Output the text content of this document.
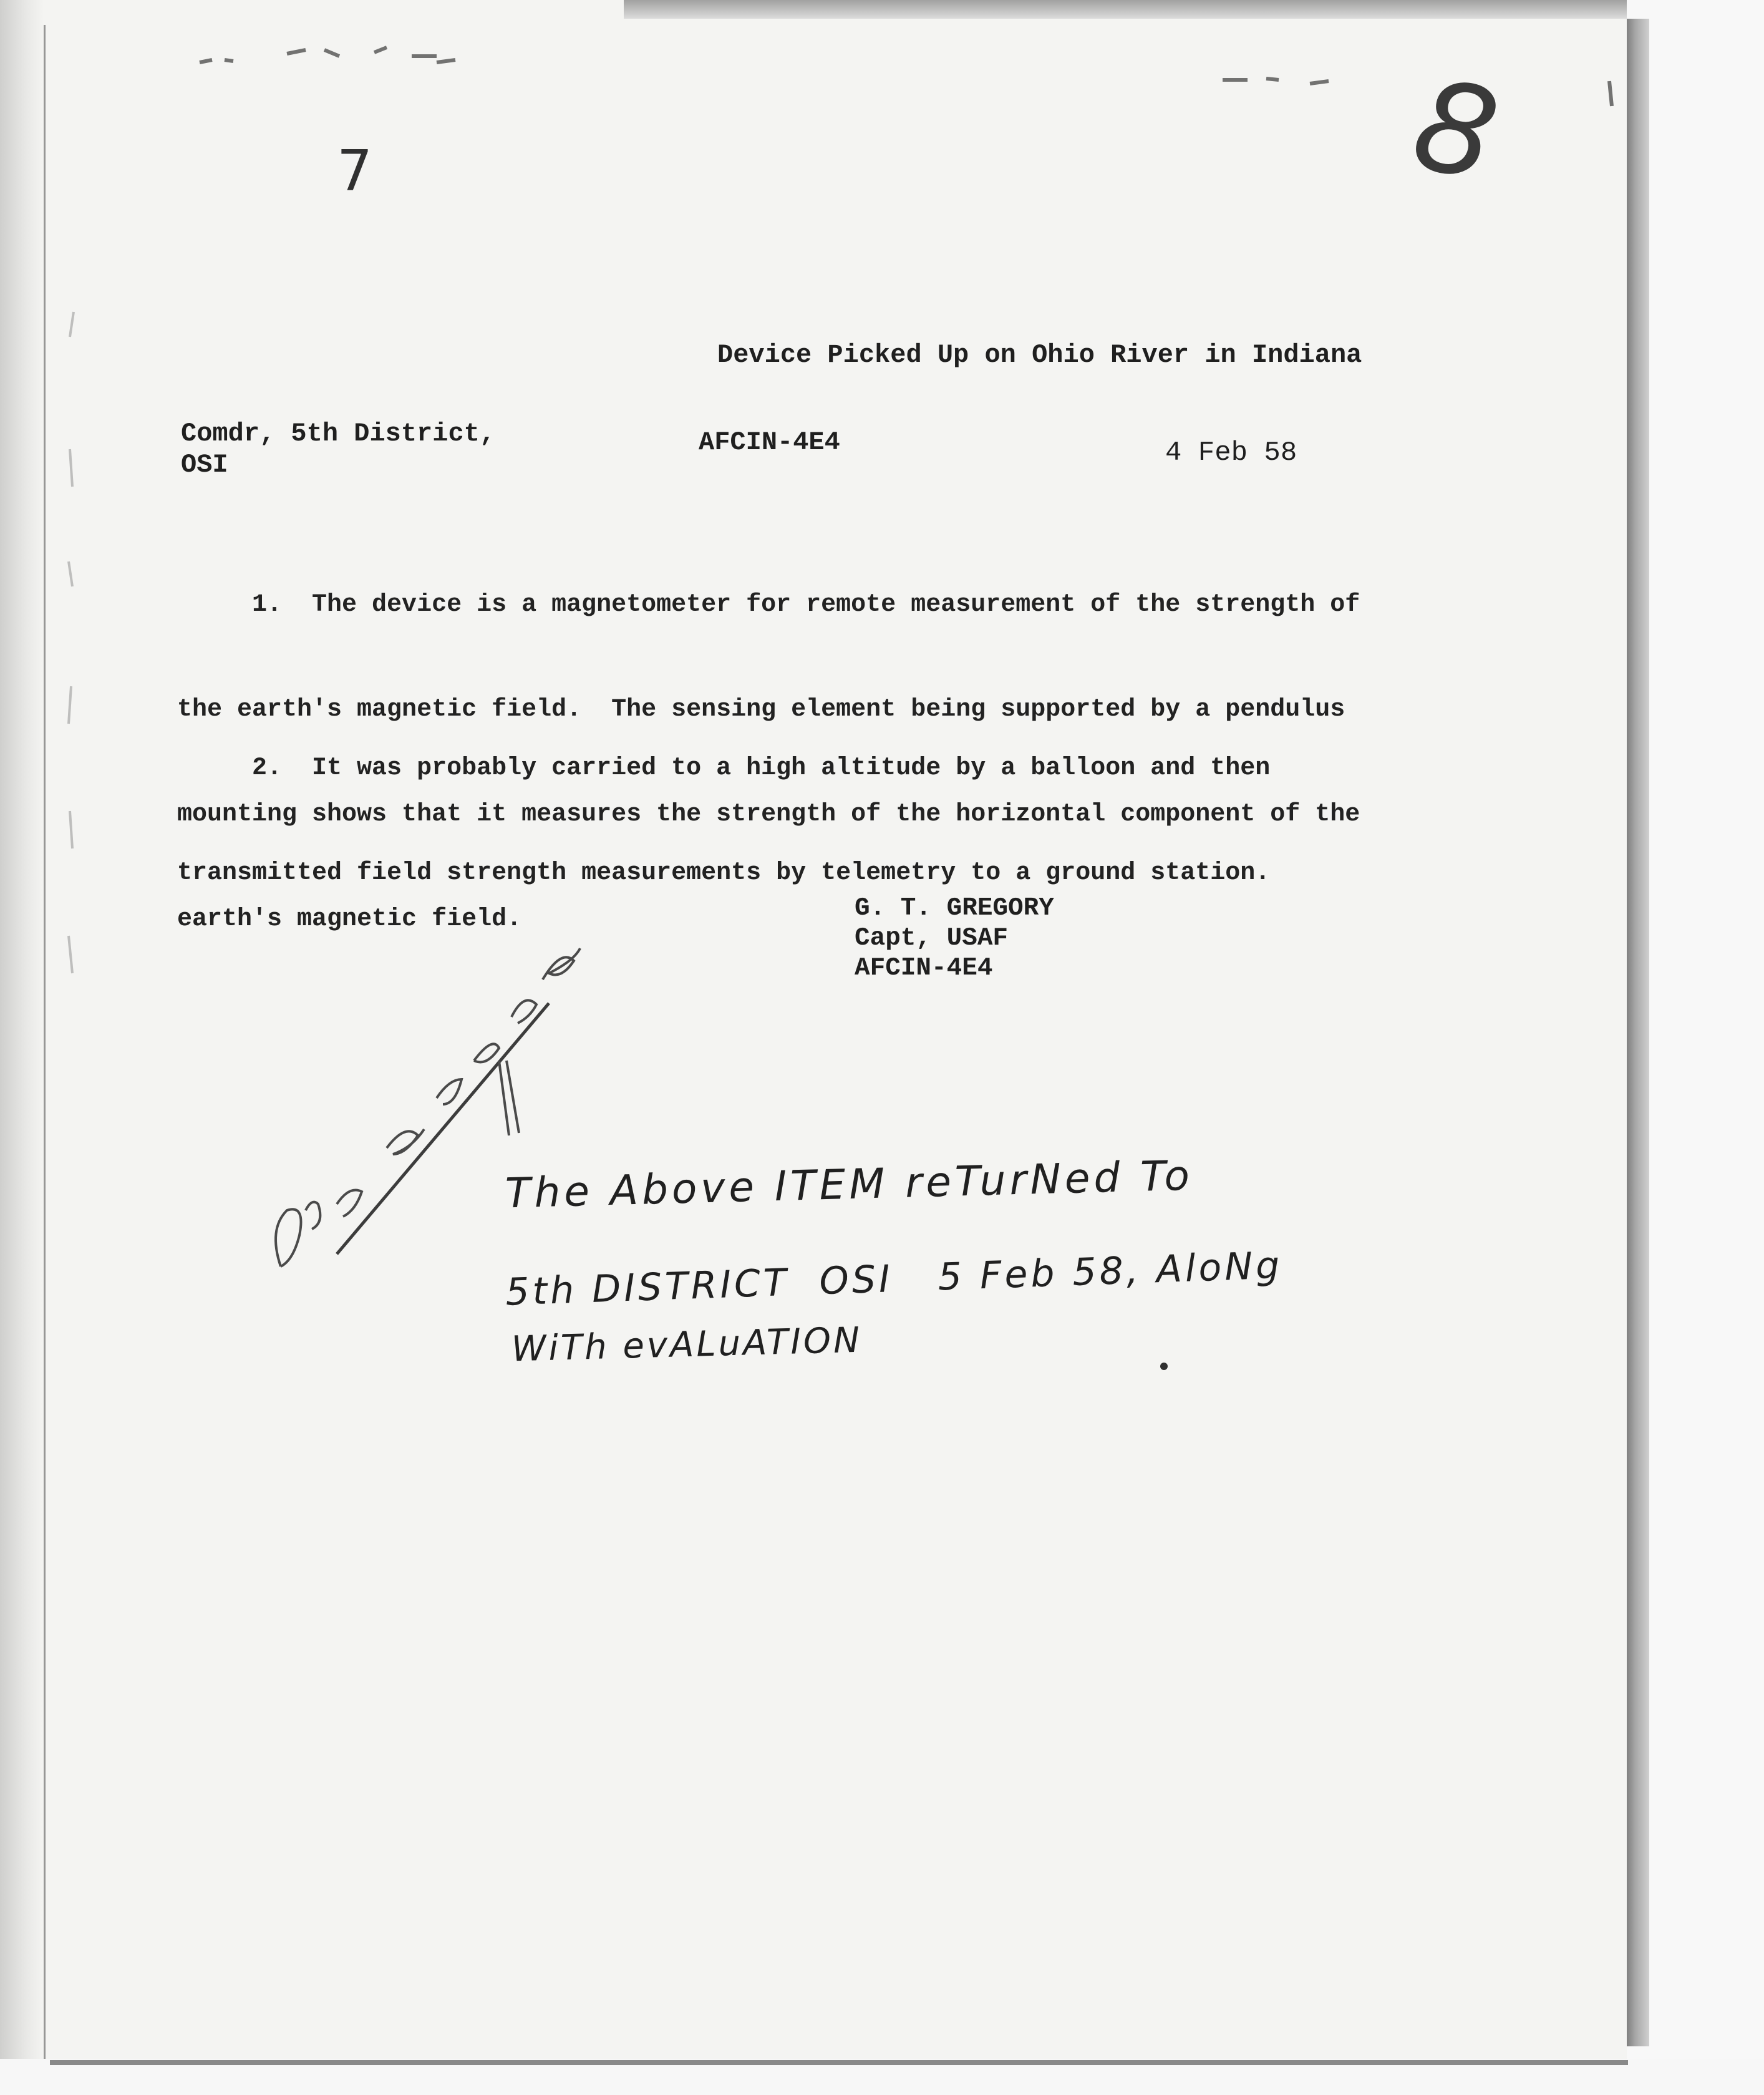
8
7
Device Picked Up on Ohio River in Indiana
Comdr, 5th District,
OSI
AFCIN-4E4	4 Feb 58

1.  The device is a magnetometer for remote measurement of the strength of

the earth's magnetic field.  The sensing element being supported by a pendulus

mounting shows that it measures the strength of the horizontal component of the

earth's magnetic field.

2.  It was probably carried to a high altitude by a balloon and then

transmitted field strength measurements by telemetry to a ground station.

G. T. GREGORY
Capt, USAF
AFCIN-4E4
The Above ITEM reTurNed To
5th DISTRICT  OSI   5 Feb 58, AloNg
WiTh evALuATION
